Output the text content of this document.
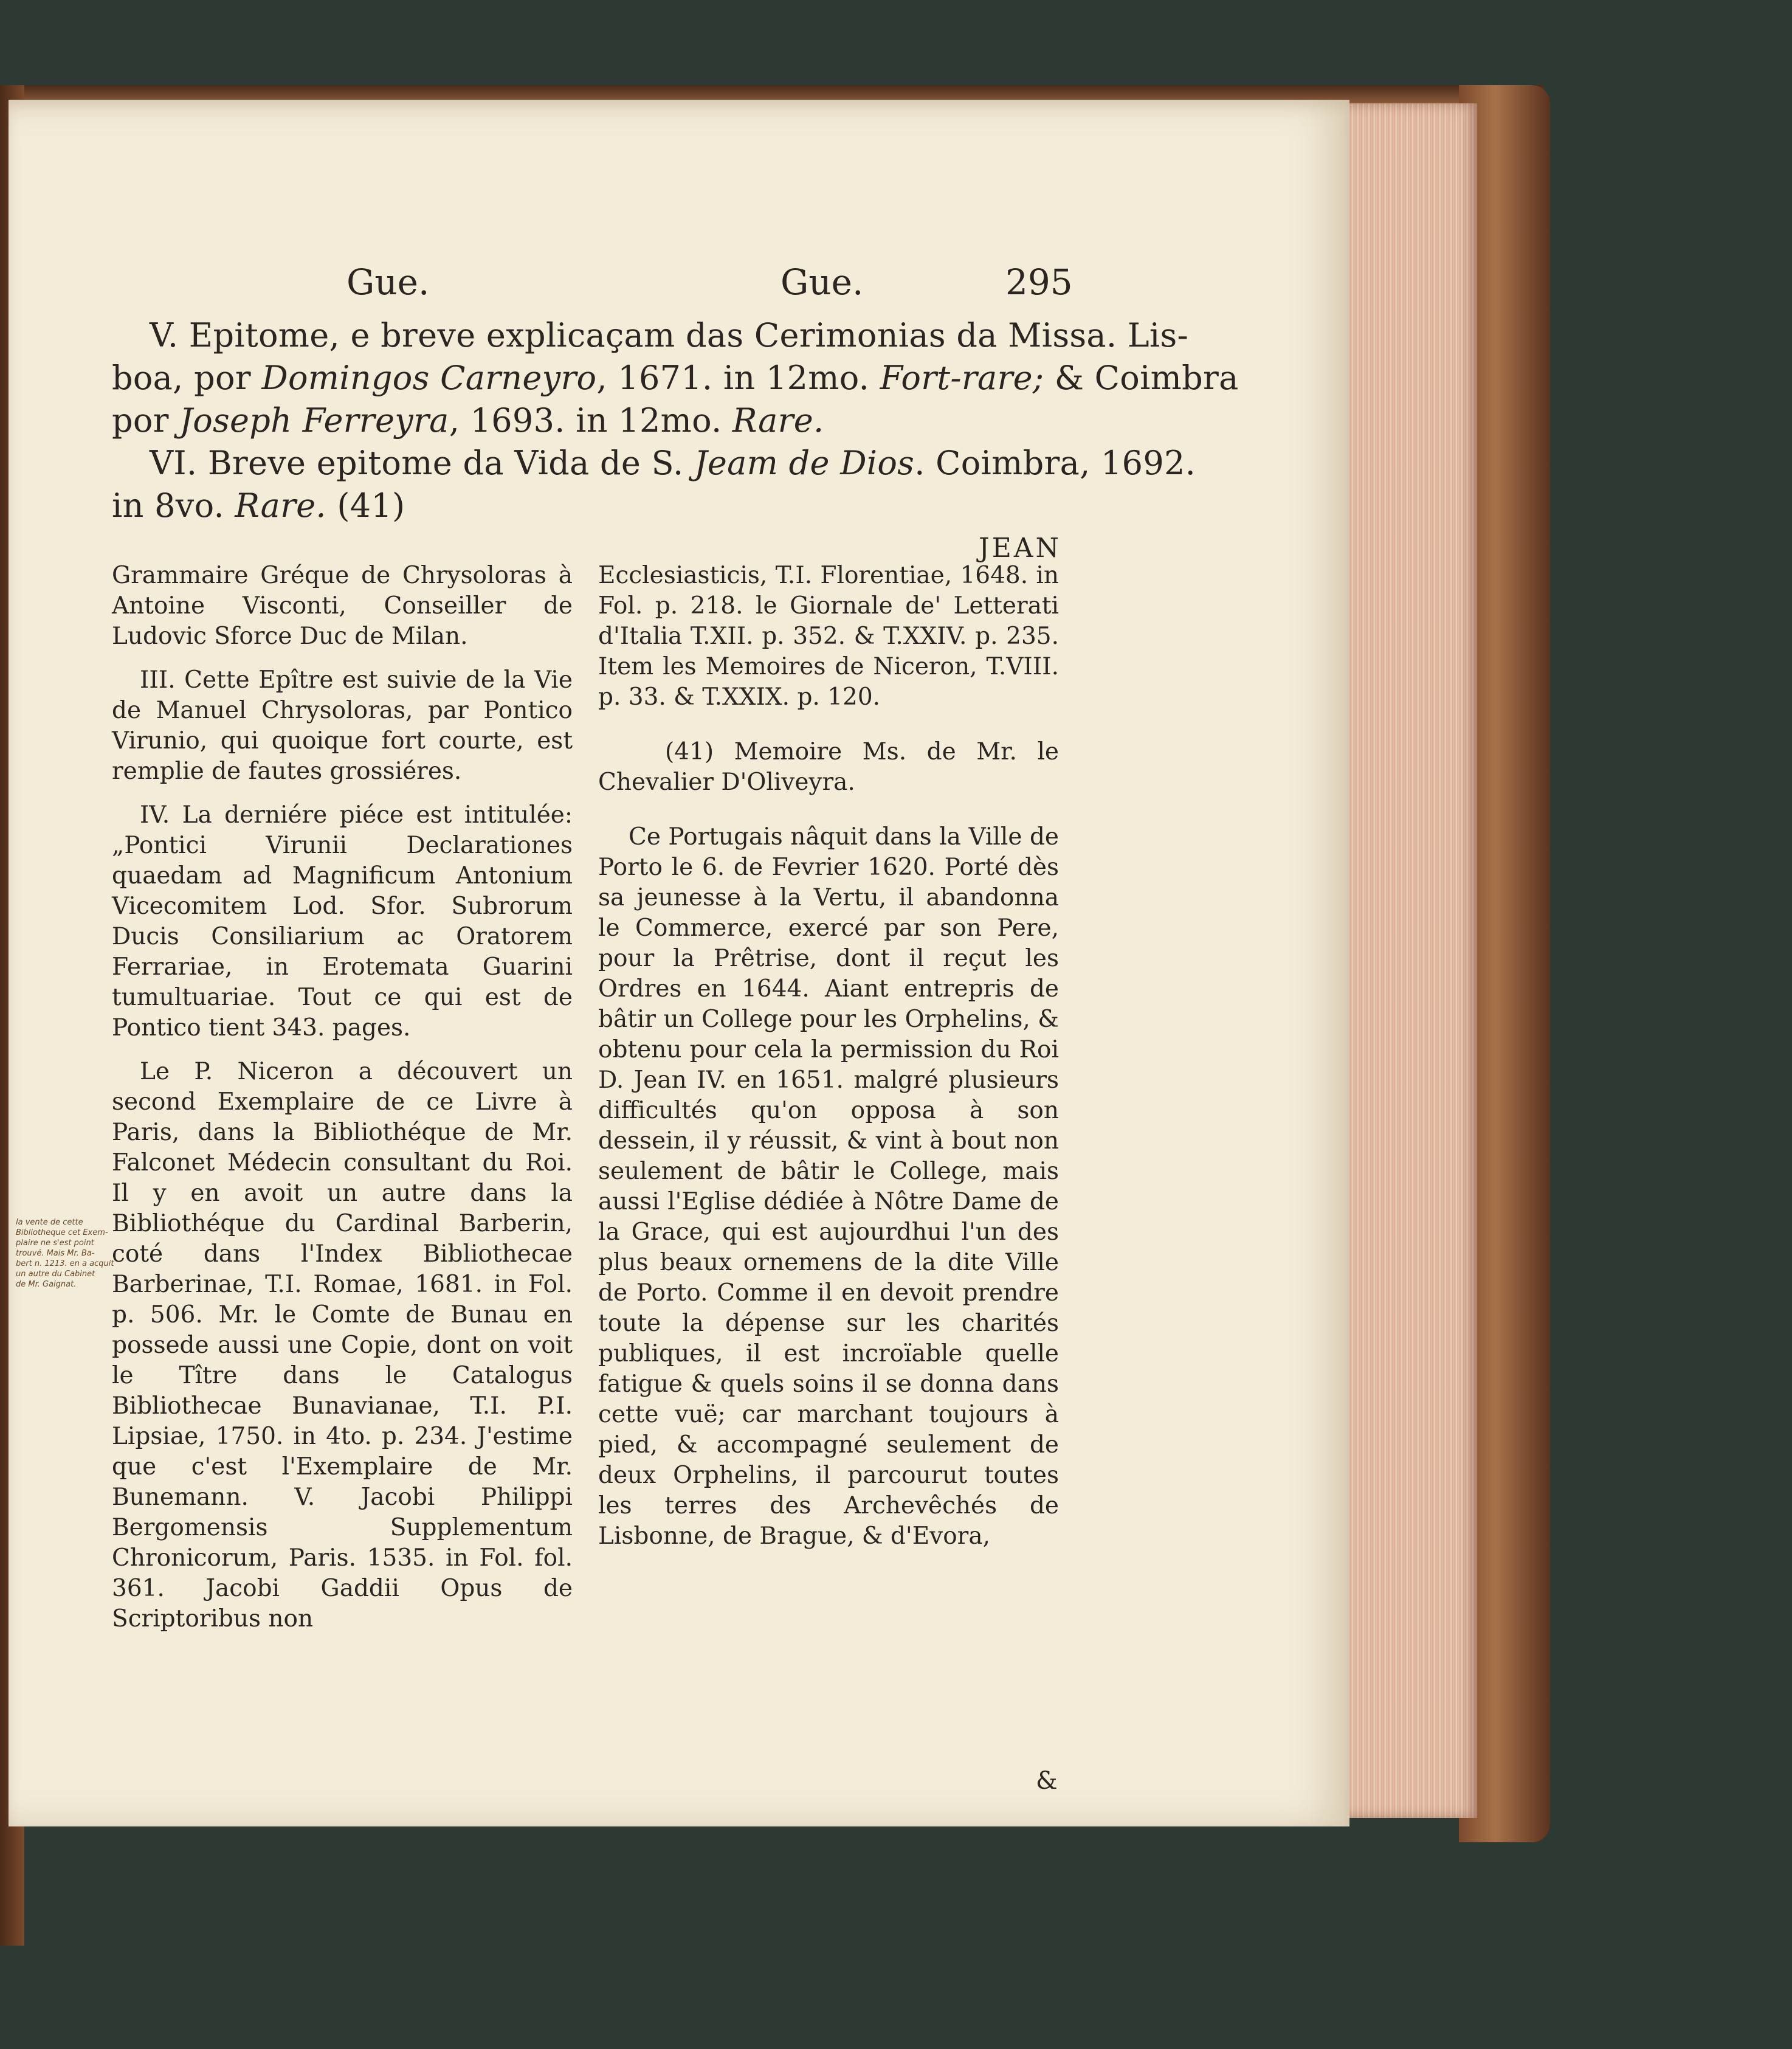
Gue.	Gue.	295
V. Epitome, e breve explicaçam das Cerimonias da Missa. Lis-
boa, por Domingos Carneyro, 1671. in 12mo. Fort-rare; & Coimbra
por Joseph Ferreyra, 1693. in 12mo. Rare.
VI. Breve epitome da Vida de S. Jeam de Dios. Coimbra, 1692.
in 8vo. Rare. (41)
JEAN

Grammaire Gréque de Chrysoloras à Antoine Visconti, Conseiller de Ludovic Sforce Duc de Milan.

III. Cette Epître est suivie de la Vie de Manuel Chrysoloras, par Pontico Virunio, qui quoique fort courte, est remplie de fautes grossiéres.

IV. La derniére piéce est intitulée: „Pontici Virunii Declarationes quaedam ad Magnificum Antonium Vicecomitem Lod. Sfor. Subrorum Ducis Consiliarium ac Oratorem Ferrariae, in Erotemata Guarini tumultuariae. Tout ce qui est de Pontico tient 343. pages.

Le P. Niceron a découvert un second Exemplaire de ce Livre à Paris, dans la Bibliothéque de Mr. Falconet Médecin consultant du Roi. Il y en avoit un autre dans la Bibliothéque du Cardinal Barberin, coté dans l'Index Bibliothecae Barberinae, T.I. Romae, 1681. in Fol. p. 506. Mr. le Comte de Bunau en possede aussi une Copie, dont on voit le Tître dans le Catalogus Bibliothecae Bunavianae, T.I. P.I. Lipsiae, 1750. in 4to. p. 234. J'estime que c'est l'Exemplaire de Mr. Bunemann. V. Jacobi Philippi Bergomensis Supplementum Chronicorum, Paris. 1535. in Fol. fol. 361. Jacobi Gaddii Opus de Scriptoribus non

Ecclesiasticis, T.I. Florentiae, 1648. in Fol. p. 218. le Giornale de' Letterati d'Italia T.XII. p. 352. & T.XXIV. p. 235. Item les Memoires de Niceron, T.VIII. p. 33. & T.XXIX. p. 120.

(41) Memoire Ms. de Mr. le Chevalier D'Oliveyra.

Ce Portugais nâquit dans la Ville de Porto le 6. de Fevrier 1620. Porté dès sa jeunesse à la Vertu, il abandonna le Commerce, exercé par son Pere, pour la Prêtrise, dont il reçut les Ordres en 1644. Aiant entrepris de bâtir un College pour les Orphelins, & obtenu pour cela la permission du Roi D. Jean IV. en 1651. malgré plusieurs difficultés qu'on opposa à son dessein, il y réussit, & vint à bout non seulement de bâtir le College, mais aussi l'Eglise dédiée à Nôtre Dame de la Grace, qui est aujourdhui l'un des plus beaux ornemens de la dite Ville de Porto. Comme il en devoit prendre toute la dépense sur les charités publiques, il est incroïable quelle fatigue & quels soins il se donna dans cette vuë; car marchant toujours à pied, & accompagné seulement de deux Orphelins, il parcourut toutes les terres des Archevêchés de Lisbonne, de Brague, & d'Evora,

&
la vente de cette
Bibliotheque cet Exem-
plaire ne s'est point
trouvé. Mais Mr. Ba-
bert n. 1213. en a acquit
un autre du Cabinet
de Mr. Gaignat.
